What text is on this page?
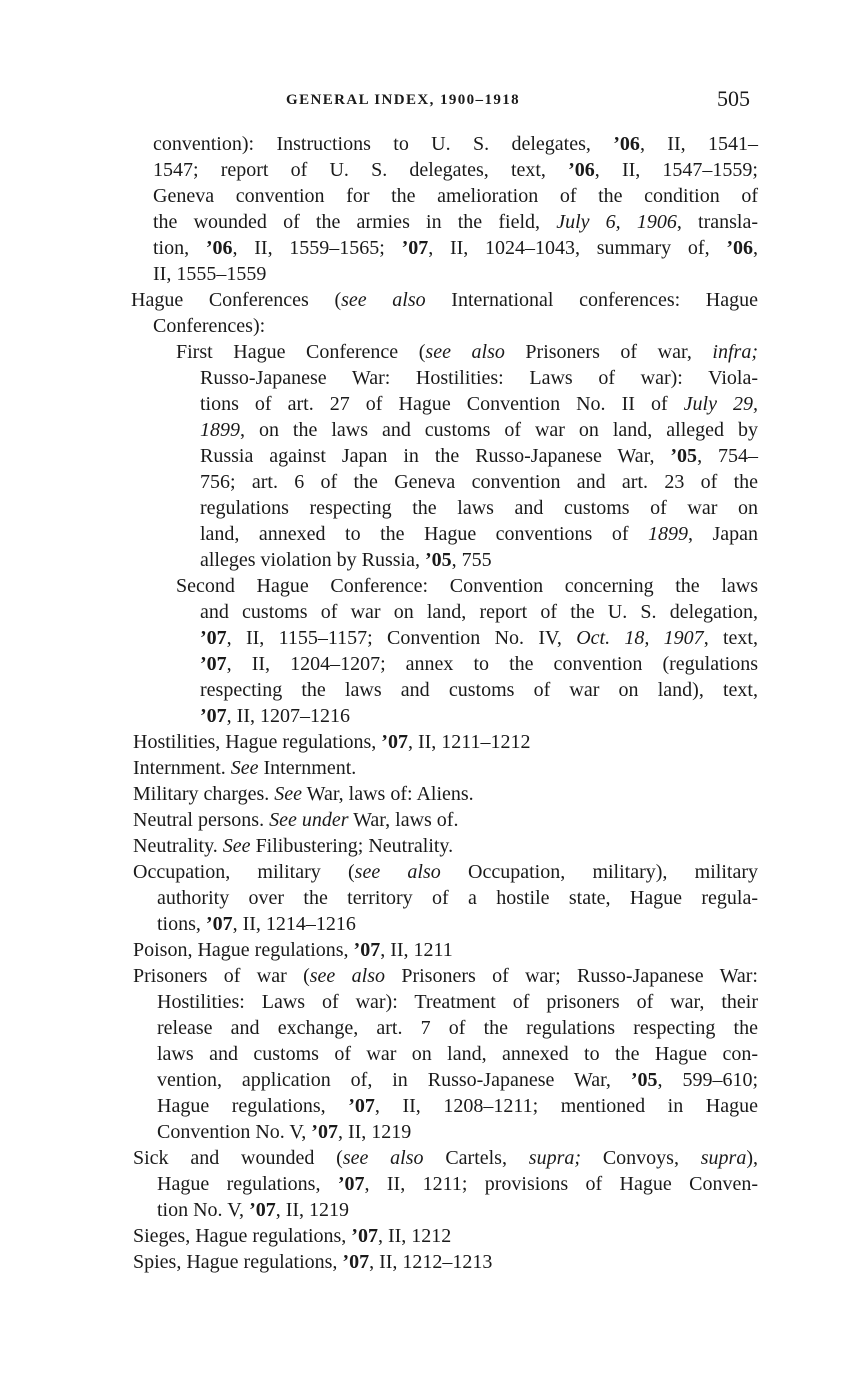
GENERAL INDEX, 1900–1918	505
convention): Instructions to U. S. delegates, ’06, II, 1541–
1547; report of U. S. delegates, text, ’06, II, 1547–1559;
Geneva convention for the amelioration of the condition of
the wounded of the armies in the field, July 6, 1906, transla-
tion, ’06, II, 1559–1565; ’07, II, 1024–1043, summary of, ’06,
II, 1555–1559
Hague Conferences (see also International conferences: Hague
Conferences):
First Hague Conference (see also Prisoners of war, infra;
Russo-Japanese War: Hostilities: Laws of war): Viola-
tions of art. 27 of Hague Convention No. II of July 29,
1899, on the laws and customs of war on land, alleged by
Russia against Japan in the Russo-Japanese War, ’05, 754–
756; art. 6 of the Geneva convention and art. 23 of the
regulations respecting the laws and customs of war on
land, annexed to the Hague conventions of 1899, Japan
alleges violation by Russia, ’05, 755
Second Hague Conference: Convention concerning the laws
and customs of war on land, report of the U. S. delegation,
’07, II, 1155–1157; Convention No. IV, Oct. 18, 1907, text,
’07, II, 1204–1207; annex to the convention (regulations
respecting the laws and customs of war on land), text,
’07, II, 1207–1216
Hostilities, Hague regulations, ’07, II, 1211–1212
Internment. See Internment.
Military charges. See War, laws of: Aliens.
Neutral persons. See under War, laws of.
Neutrality. See Filibustering; Neutrality.
Occupation, military (see also Occupation, military), military
authority over the territory of a hostile state, Hague regula-
tions, ’07, II, 1214–1216
Poison, Hague regulations, ’07, II, 1211
Prisoners of war (see also Prisoners of war; Russo-Japanese War:
Hostilities: Laws of war): Treatment of prisoners of war, their
release and exchange, art. 7 of the regulations respecting the
laws and customs of war on land, annexed to the Hague con-
vention, application of, in Russo-Japanese War, ’05, 599–610;
Hague regulations, ’07, II, 1208–1211; mentioned in Hague
Convention No. V, ’07, II, 1219
Sick and wounded (see also Cartels, supra; Convoys, supra),
Hague regulations, ’07, II, 1211; provisions of Hague Conven-
tion No. V, ’07, II, 1219
Sieges, Hague regulations, ’07, II, 1212
Spies, Hague regulations, ’07, II, 1212–1213
